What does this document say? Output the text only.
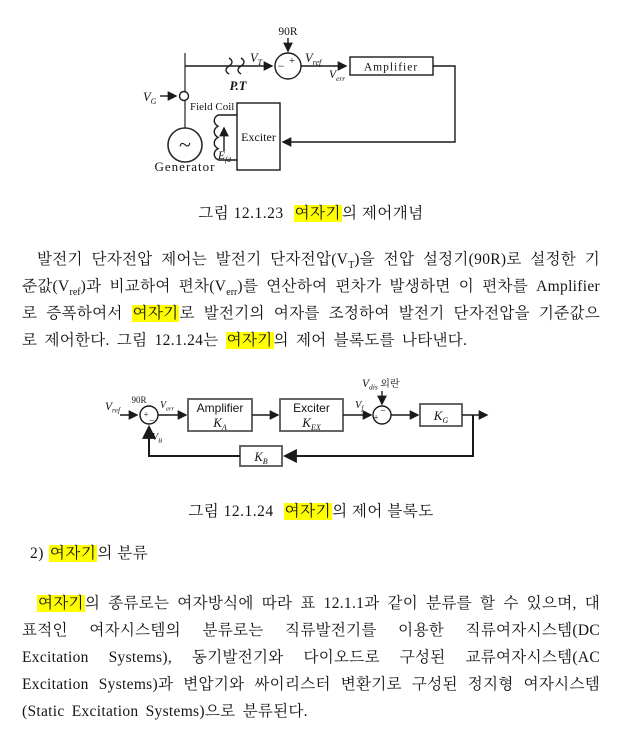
P.T
$V_T$
90R
+
−
$V_{ref}$
$V_{err}$
Amplifier
Exciter
Field Coil
$E_{fd}$
$V_G$
~
Generator
그림 12.1.23 여자기의 제어개념

발전기 단자전압 제어는 발전기 단자전압$(V_T)$을 전압 설정기(90R)로 설정한 기준값$(V_{ref})$과 비교하여 편차$(V_{err})$를 연산하여 편차가 발생하면 이 편차를 Amplifier로 증폭하여서 여자기로 발전기의 여자를 조정하여 발전기 단자전압을 기준값으로 제어한다. 그림 12.1.24는 여자기의 제어 블록도를 나타낸다.

$V_{ref}$
90R
+
−
$V_{err}$ Amplifier
$K_A$
Exciter
$K_{EX}$
$V_f$ −
+
$V_{dis}$ 외란
$K_G$
$K_B$
$V_B$
그림 12.1.24 여자기의 제어 블록도
2) 여자기의 분류

여자기의 종류로는 여자방식에 따라 표 12.1.1과 같이 분류를 할 수 있으며, 대표적인 여자시스템의 분류로는 직류발전기를 이용한 직류여자시스템(DC Excitation Systems), 동기발전기와 다이오드로 구성된 교류여자시스템(AC Excitation Systems)과 변압기와 싸이리스터 변환기로 구성된 정지형 여자시스템(Static Excitation Systems)으로 분류된다.
